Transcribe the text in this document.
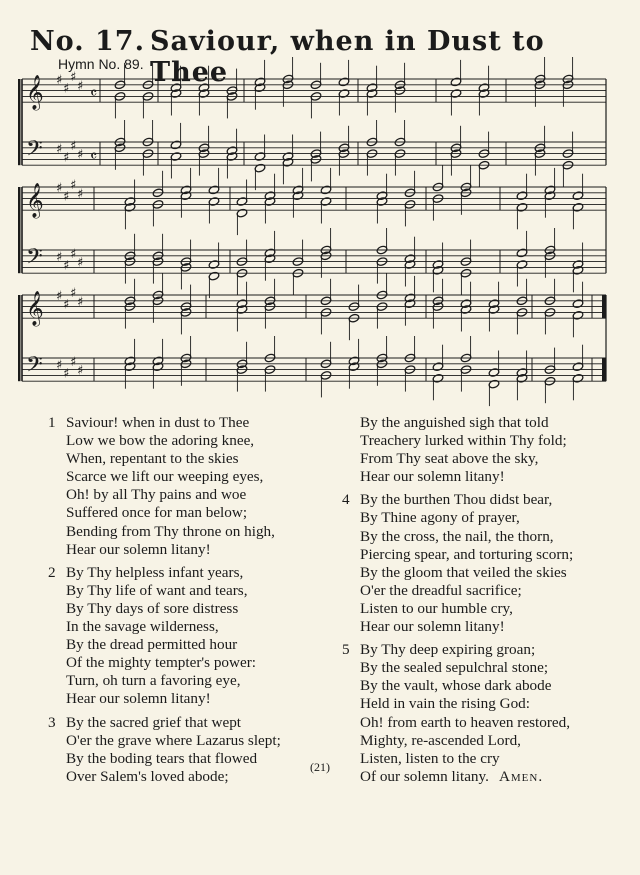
No. 17. Saviour, when in Dust to Thee
Hymn No. 89.
𝄞 ♯
♯
♯
♯ 𝄴
𝄢 ♯
♯
♯
♯ 𝄴
𝄞 ♯
♯
♯
♯
𝄢 ♯
♯
♯
♯
𝄞 ♯
♯
♯
♯
𝄢 ♯
♯
♯
♯
1 Saviour! when in dust to Thee
Low we bow the adoring knee,
When, repentant to the skies
Scarce we lift our weeping eyes,
Oh! by all Thy pains and woe
Suffered once for man below;
Bending from Thy throne on high,
Hear our solemn litany!
2 By Thy helpless infant years,
By Thy life of want and tears,
By Thy days of sore distress
In the savage wilderness,
By the dread permitted hour
Of the mighty tempter's power:
Turn, oh turn a favoring eye,
Hear our solemn litany!
3 By the sacred grief that wept
O'er the grave where Lazarus slept;
By the boding tears that flowed
Over Salem's loved abode;
By the anguished sigh that told
Treachery lurked within Thy fold;
From Thy seat above the sky,
Hear our solemn litany!
4 By the burthen Thou didst bear,
By Thine agony of prayer,
By the cross, the nail, the thorn,
Piercing spear, and torturing scorn;
By the gloom that veiled the skies
O'er the dreadful sacrifice;
Listen to our humble cry,
Hear our solemn litany!
5 By Thy deep expiring groan;
By the sealed sepulchral stone;
By the vault, whose dark abode
Held in vain the rising God:
Oh! from earth to heaven restored,
Mighty, re-ascended Lord,
Listen, listen to the cry
Of our solemn litany. Amen.
(21)
